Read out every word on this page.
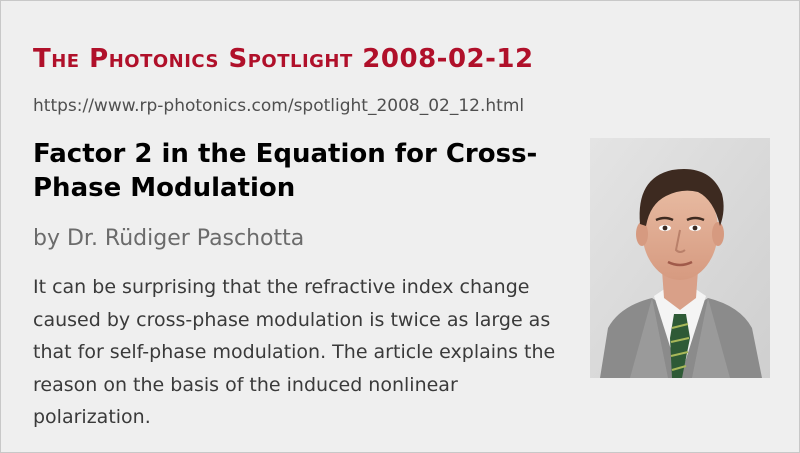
The Photonics Spotlight 2008-02-12
https://www.rp-photonics.com/spotlight_2008_02_12.html
Factor 2 in the Equation for Cross-Phase Modulation
by Dr. Rüdiger Paschotta

It can be surprising that the refractive index change caused by cross-phase modulation is twice as large as that for self-phase modulation. The article explains the reason on the basis of the induced nonlinear polarization.
